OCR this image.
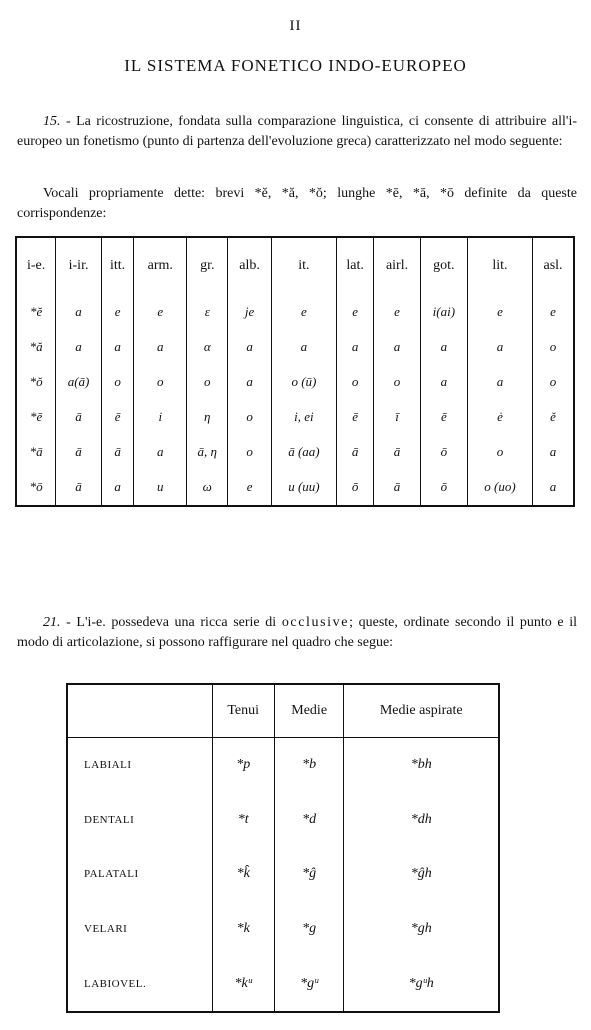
II
IL SISTEMA FONETICO INDO-EUROPEO
15. - La ricostruzione, fondata sulla comparazione linguistica, ci consente di attribuire all'i-europeo un fonetismo (punto di partenza dell'evoluzione greca) caratterizzato nel modo seguente:
Vocali propriamente dette: brevi *ĕ, *ă, *ŏ; lunghe *ē, *ā, *ō definite da queste corrispondenze:
i-e.	i-ir.	itt.	arm.	gr.	alb.	it.	lat.	airl.	got.	lit.	asl.
*ĕ	a	e	e	ε	je	e	e	e	i(ai)	e	e
*ă	a	a	a	α	a	a	a	a	a	a	o
*ŏ	a(ā)	o	o	ο	a	o (ū)	o	o	a	a	o
*ē	ā	ē	i	η	o	i, ei	ē	ī	ē	ė	ě
*ā	ā	ā	a	ā, η	o	ā (aa)	ā	ā	ō	o	a
*ō	ā	a	u	ω	e	u (uu)	ō	ā	ō	o (uo)	a
21. - L'i-e. possedeva una ricca serie di occlusive; queste, ordinate secondo il punto e il modo di articolazione, si possono raffigurare nel quadro che segue:
	Tenui	Medie	Medie aspirate
LABIALI	*p	*b	*bh
DENTALI	*t	*d	*dh
PALATALI	*k̂	*ĝ	*ĝh
VELARI	*k	*g	*gh
LABIOVEL.	*kᵘ	*gᵘ	*gᵘh
